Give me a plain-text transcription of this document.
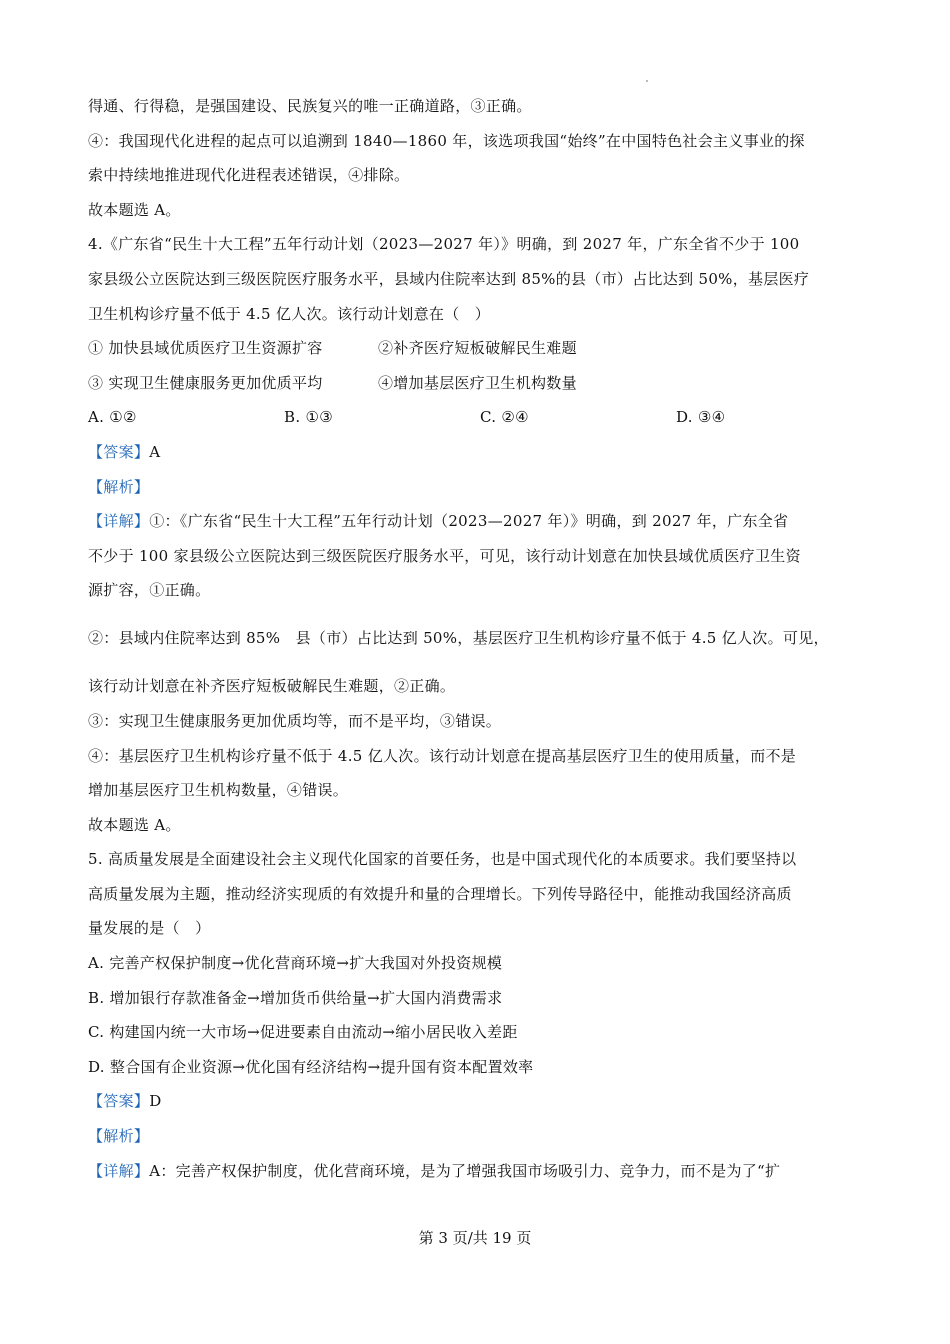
得通、行得稳，是强国建设、民族复兴的唯一正确道路，③正确。
④：我国现代化进程的起点可以追溯到 1840—1860 年，该选项我国“始终”在中国特色社会主义事业的探
索中持续地推进现代化进程表述错误，④排除。
故本题选 A。
4.《广东省“民生十大工程”五年行动计划（2023—2027 年）》明确，到 2027 年，广东全省不少于 100
家县级公立医院达到三级医院医疗服务水平，县域内住院率达到 85%的县（市）占比达到 50%，基层医疗
卫生机构诊疗量不低于 4.5 亿人次。该行动计划意在（　）
① 加快县域优质医疗卫生资源扩容	②补齐医疗短板破解民生难题
③ 实现卫生健康服务更加优质平均	④增加基层医疗卫生机构数量
A. ①②	B. ①③	C. ②④	D. ③④
【答案】A
【解析】
【详解】①：《广东省“民生十大工程”五年行动计划（2023—2027 年）》明确，到 2027 年，广东全省
不少于 100 家县级公立医院达到三级医院医疗服务水平，可见，该行动计划意在加快县域优质医疗卫生资
源扩容，①正确。
②：县域内住院率达到 85%　县（市）占比达到 50%，基层医疗卫生机构诊疗量不低于 4.5 亿人次。可见，
该行动计划意在补齐医疗短板破解民生难题，②正确。
③：实现卫生健康服务更加优质均等，而不是平均，③错误。
④：基层医疗卫生机构诊疗量不低于 4.5 亿人次。该行动计划意在提高基层医疗卫生的使用质量，而不是
增加基层医疗卫生机构数量，④错误。
故本题选 A。
5. 高质量发展是全面建设社会主义现代化国家的首要任务，也是中国式现代化的本质要求。我们要坚持以
高质量发展为主题，推动经济实现质的有效提升和量的合理增长。下列传导路径中，能推动我国经济高质
量发展的是（　）
A. 完善产权保护制度→优化营商环境→扩大我国对外投资规模
B. 增加银行存款准备金→增加货币供给量→扩大国内消费需求
C. 构建国内统一大市场→促进要素自由流动→缩小居民收入差距
D. 整合国有企业资源→优化国有经济结构→提升国有资本配置效率
【答案】D
【解析】
【详解】A：完善产权保护制度，优化营商环境，是为了增强我国市场吸引力、竞争力，而不是为了“扩
第 3 页/共 19 页
